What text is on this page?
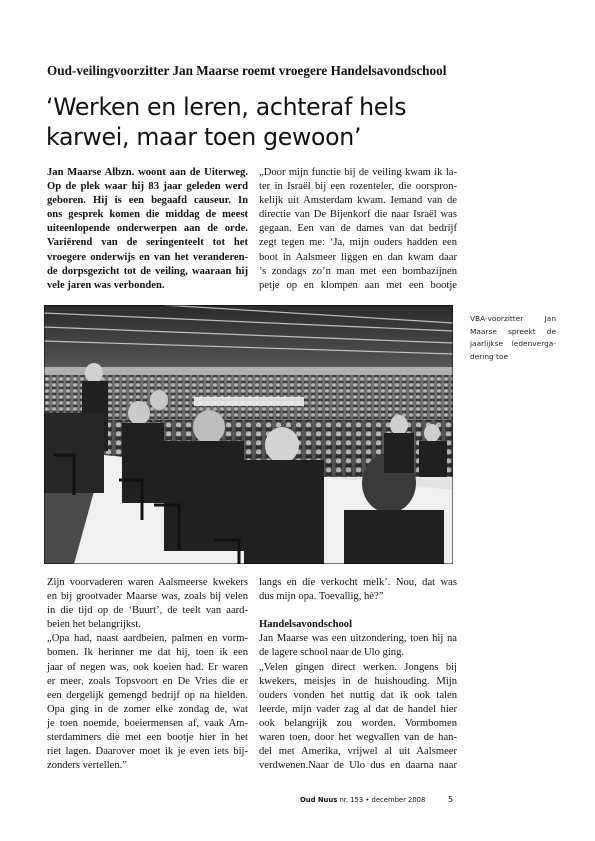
Oud-veilingvoorzitter Jan Maarse roemt vroegere Handelsavondschool
‘Werken en leren, achteraf hels
karwei, maar toen gewoon’
Jan Maarse Albzn. woont aan de Uiterweg.
Op de plek waar hij 83 jaar geleden werd
geboren. Hij is een begaafd causeur. In
ons gesprek komen die middag de meest
uiteenlopende onderwerpen aan de orde.
Variërend van de seringenteelt tot het
vroegere onderwijs en van het veranderen-
de dorpsgezicht tot de veiling, waaraan hij
vele jaren was verbonden.
„Door mijn functie bij de veiling kwam ik la-
ter in Israël bij een rozenteler, die oorspron-
kelijk uit Amsterdam kwam. Iemand van de
directie van De Bijenkorf die naar Israël was
gegaan. Een van de dames van dat bedrijf
zegt tegen me: ‘Ja, mijn ouders hadden een
boot in Aalsmeer liggen en dan kwam daar
’s zondags zo’n man met een bombazijnen
petje op en klompen aan met een bootje
VBA-voorzitter Jan
Maarse spreekt de
jaarlijkse ledenverga-
dering toe
Zijn voorvaderen waren Aalsmeerse kwekers
en bij grootvader Maarse was, zoals bij velen
in die tijd op de ‘Buurt’, de teelt van aard-
beien het belangrijkst.
„Opa had, naast aardbeien, palmen en vorm-
bomen. Ik herinner me dat hij, toen ik een
jaar of negen was, ook koeien had. Er waren
er meer, zoals Topsvoort en De Vries die er
een dergelijk gemengd bedrijf op na hielden.
Opa ging in de zomer elke zondag de, wat
je toen noemde, boeiermensen af, vaak Am-
sterdammers die met een bootje hier in het
riet lagen. Daarover moet ik je even iets bij-
zonders vertellen.”
langs en die verkocht melk’. Nou, dat was
dus mijn opa. Toevallig, hè?”
Handelsavondschool
Jan Maarse was een uitzondering, toen hij na
de lagere school naar de Ulo ging.
„Velen gingen direct werken. Jongens bij
kwekers, meisjes in de huishouding. Mijn
ouders vonden het nuttig dat ik ook talen
leerde, mijn vader zag al dat de handel hier
ook belangrijk zou worden. Vormbomen
waren toen, door het wegvallen van de han-
del met Amerika, vrijwel al uit Aalsmeer
verdwenen.Naar de Ulo dus en daarna naar
Oud Nuus nr. 153 • december 2008	5
